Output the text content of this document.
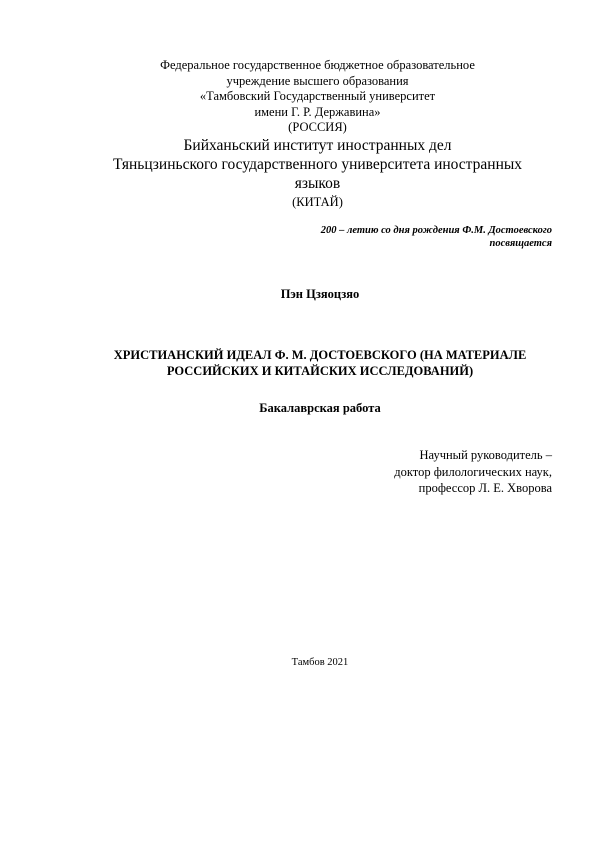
Федеральное государственное бюджетное образовательное
учреждение высшего образования
«Тамбовский Государственный университет
имени Г. Р. Державина»
(РОССИЯ)
Бийханьский институт иностранных дел
Тяньцзиньского государственного университета иностранных
языков
(КИТАЙ)
200 – летию со дня рождения Ф.М. Достоевского
посвящается
Пэн Цзяоцзяо
ХРИСТИАНСКИЙ ИДЕАЛ Ф. М. ДОСТОЕВСКОГО (НА МАТЕРИАЛЕ
РОССИЙСКИХ И КИТАЙСКИХ ИССЛЕДОВАНИЙ)
Бакалаврская работа
Научный руководитель –
доктор филологических наук,
профессор Л. Е. Хворова
Тамбов 2021
